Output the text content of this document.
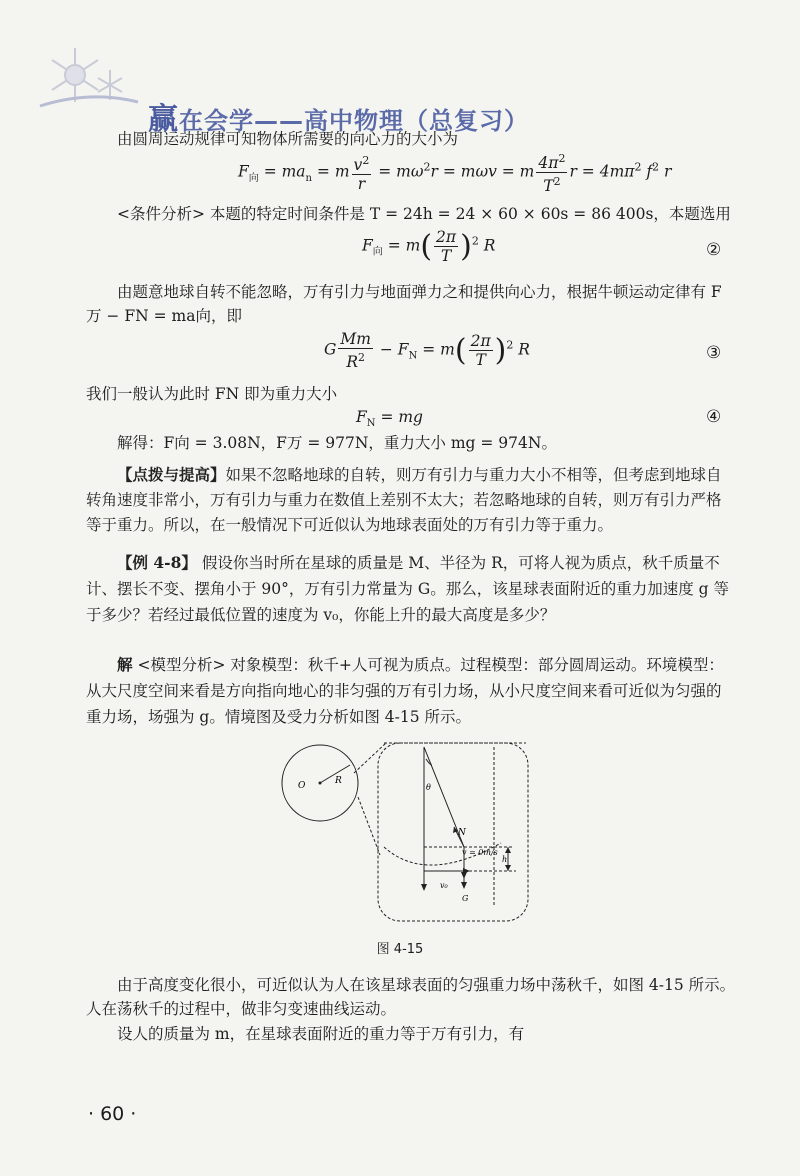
赢在会学——高中物理（总复习）
由圆周运动规律可知物体所需要的向心力的大小为
$F_向 = ma_n = m \frac{v^2}{r} = m\omega^2r = m\omega v = m \frac{4\pi^2}{T^2}$ $r = 4m\pi^2$ $f^2$ r
<条件分析> 本题的特定时间条件是 T = 24h = 24 × 60 × 60s = 86 400s，本题选用
$F_向 = m( \frac{2\pi}{T} )^2$ R	②
由题意地球自转不能忽略，万有引力与地面弹力之和提供向心力，根据牛顿运动定律有 F万 − FN = ma向，即
G $\frac{Mm}{R^2} - F_N = m( \frac{2\pi}{T} )^2$ R	③
我们一般认为此时 FN 即为重力大小
$F_N$ = mg	④
解得：F向 = 3.08N，F万 = 977N，重力大小 mg = 974N。
【点拨与提高】如果不忽略地球的自转，则万有引力与重力大小不相等，但考虑到地球自转角速度非常小，万有引力与重力在数值上差别不太大；若忽略地球的自转，则万有引力严格等于重力。所以，在一般情况下可近似认为地球表面处的万有引力等于重力。
【例 4-8】 假设你当时所在星球的质量是 M、半径为 R，可将人视为质点，秋千质量不计、摆长不变、摆角小于 90°，万有引力常量为 G。那么，该星球表面附近的重力加速度 g 等于多少？若经过最低位置的速度为 v₀，你能上升的最大高度是多少？
解 <模型分析> 对象模型：秋千+人可视为质点。过程模型：部分圆周运动。环境模型：从大尺度空间来看是方向指向地心的非匀强的万有引力场，从小尺度空间来看可近似为匀强的重力场，场强为 g。情境图及受力分析如图 4-15 所示。
O	R
θ
N
v = 0m/s
h
v₀
G
图 4-15
由于高度变化很小，可近似认为人在该星球表面的匀强重力场中荡秋千，如图 4-15 所示。人在荡秋千的过程中，做非匀变速曲线运动。
设人的质量为 m，在星球表面附近的重力等于万有引力，有
· 60 ·
